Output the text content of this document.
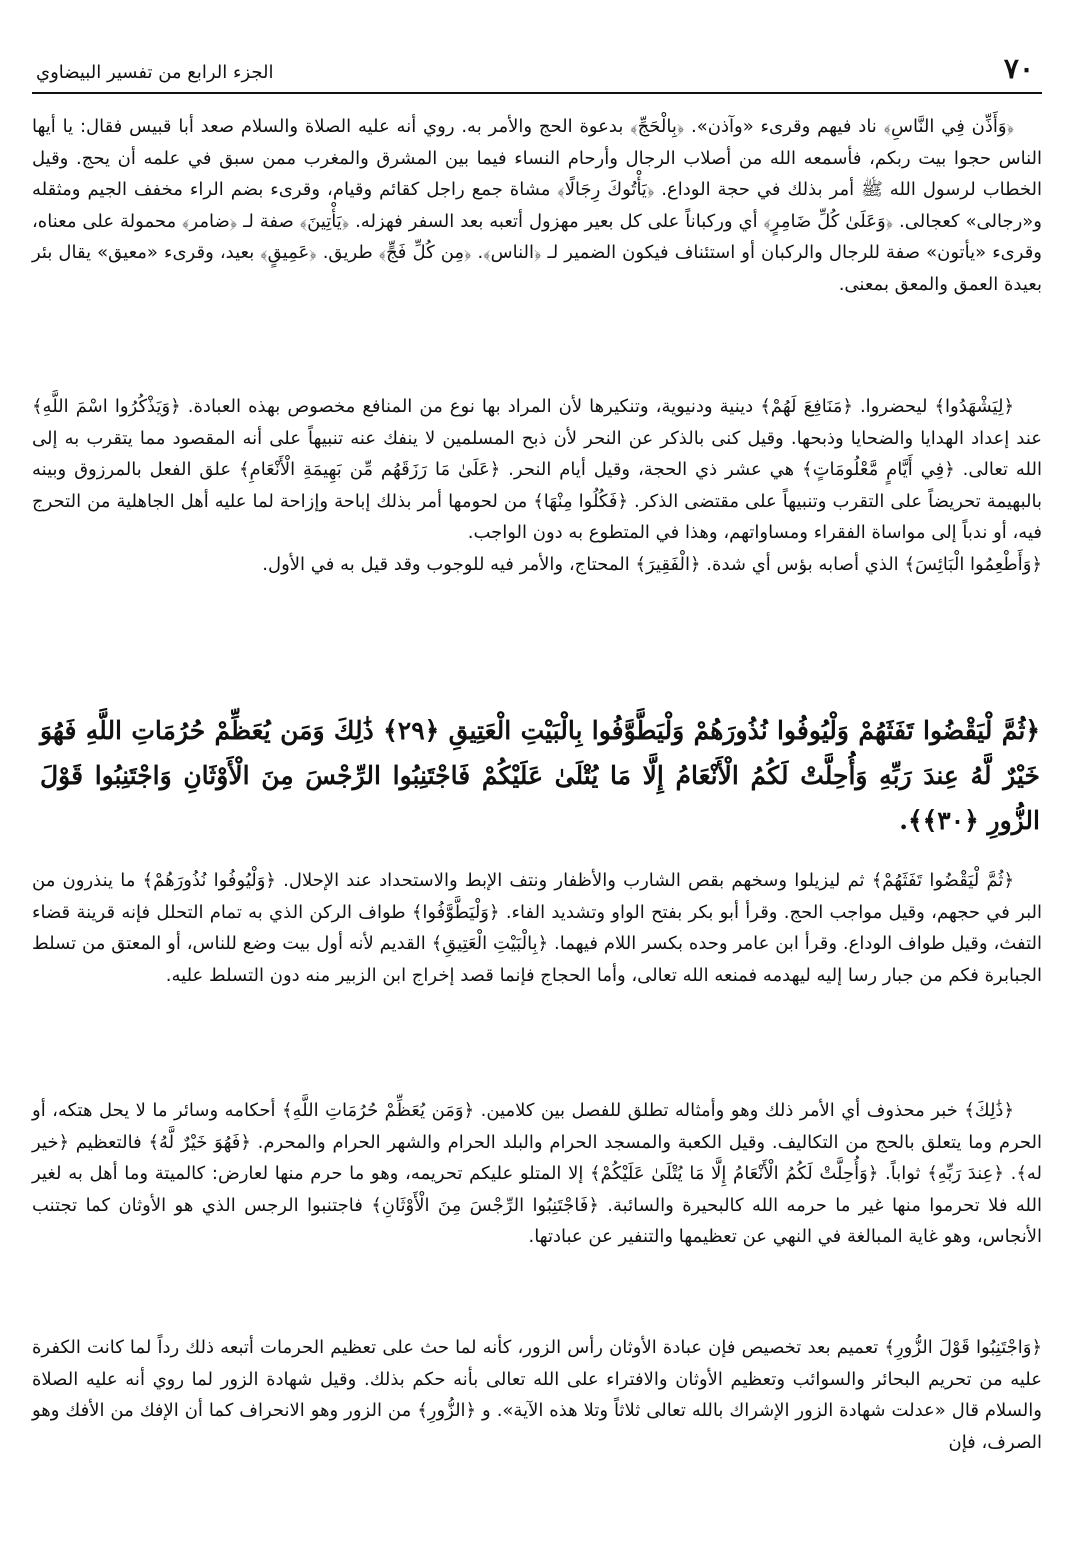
٧٠
الجزء الرابع من تفسير البيضاوي

﴿وَأَذِّن فِي النَّاسِ﴾ ناد فيهم وقرىء «وآذن». ﴿بِالْحَجِّ﴾ بدعوة الحج والأمر به. روي أنه عليه الصلاة والسلام صعد أبا قبيس فقال: يا أيها الناس حجوا بيت ربكم، فأسمعه الله من أصلاب الرجال وأرحام النساء فيما بين المشرق والمغرب ممن سبق في علمه أن يحج. وقيل الخطاب لرسول الله ﷺ أمر بذلك في حجة الوداع. ﴿يَأْتُوكَ رِجَالًا﴾ مشاة جمع راجل كقائم وقيام، وقرىء بضم الراء مخفف الجيم ومثقله و«رجالى» كعجالى. ﴿وَعَلَىٰ كُلِّ ضَامِرٍ﴾ أي وركباناً على كل بعير مهزول أتعبه بعد السفر فهزله. ﴿يَأْتِينَ﴾ صفة لـ ﴿ضامر﴾ محمولة على معناه، وقرىء «يأتون» صفة للرجال والركبان أو استئناف فيكون الضمير لـ ﴿الناس﴾. ﴿مِن كُلِّ فَجٍّ﴾ طريق. ﴿عَمِيقٍ﴾ بعيد، وقرىء «معيق» يقال بئر بعيدة العمق والمعق بمعنى.

﴿لِيَشْهَدُوا﴾ ليحضروا. ﴿مَنَافِعَ لَهُمْ﴾ دينية ودنيوية، وتنكيرها لأن المراد بها نوع من المنافع مخصوص بهذه العبادة. ﴿وَيَذْكُرُوا اسْمَ اللَّهِ﴾ عند إعداد الهدايا والضحايا وذبحها. وقيل كنى بالذكر عن النحر لأن ذبح المسلمين لا ينفك عنه تنبيهاً على أنه المقصود مما يتقرب به إلى الله تعالى. ﴿فِي أَيَّامٍ مَّعْلُومَاتٍ﴾ هي عشر ذي الحجة، وقيل أيام النحر. ﴿عَلَىٰ مَا رَزَقَهُم مِّن بَهِيمَةِ الْأَنْعَامِ﴾ علق الفعل بالمرزوق وبينه بالبهيمة تحريضاً على التقرب وتنبيهاً على مقتضى الذكر. ﴿فَكُلُوا مِنْهَا﴾ من لحومها أمر بذلك إباحة وإزاحة لما عليه أهل الجاهلية من التحرج فيه، أو ندباً إلى مواساة الفقراء ومساواتهم، وهذا في المتطوع به دون الواجب.

﴿وَأَطْعِمُوا الْبَائِسَ﴾ الذي أصابه بؤس أي شدة. ﴿الْفَقِيرَ﴾ المحتاج، والأمر فيه للوجوب وقد قيل به في الأول.

﴿ثُمَّ لْيَقْضُوا تَفَثَهُمْ وَلْيُوفُوا نُذُورَهُمْ وَلْيَطَّوَّفُوا بِالْبَيْتِ الْعَتِيقِ ﴿٢٩﴾ ذَٰلِكَ وَمَن يُعَظِّمْ حُرُمَاتِ اللَّهِ فَهُوَ خَيْرٌ لَّهُ عِندَ رَبِّهِ وَأُحِلَّتْ لَكُمُ الْأَنْعَامُ إِلَّا مَا يُتْلَىٰ عَلَيْكُمْ فَاجْتَنِبُوا الرِّجْسَ مِنَ الْأَوْثَانِ وَاجْتَنِبُوا قَوْلَ الزُّورِ ﴿٣٠﴾﴾.

﴿ثُمَّ لْيَقْضُوا تَفَثَهُمْ﴾ ثم ليزيلوا وسخهم بقص الشارب والأظفار ونتف الإبط والاستحداد عند الإحلال. ﴿وَلْيُوفُوا نُذُورَهُمْ﴾ ما ينذرون من البر في حجهم، وقيل مواجب الحج. وقرأ أبو بكر بفتح الواو وتشديد الفاء. ﴿وَلْيَطَّوَّفُوا﴾ طواف الركن الذي به تمام التحلل فإنه قرينة قضاء التفث، وقيل طواف الوداع. وقرأ ابن عامر وحده بكسر اللام فيهما. ﴿بِالْبَيْتِ الْعَتِيقِ﴾ القديم لأنه أول بيت وضع للناس، أو المعتق من تسلط الجبابرة فكم من جبار رسا إليه ليهدمه فمنعه الله تعالى، وأما الحجاج فإنما قصد إخراج ابن الزبير منه دون التسلط عليه.

﴿ذَٰلِكَ﴾ خبر محذوف أي الأمر ذلك وهو وأمثاله تطلق للفصل بين كلامين. ﴿وَمَن يُعَظِّمْ حُرُمَاتِ اللَّهِ﴾ أحكامه وسائر ما لا يحل هتكه، أو الحرم وما يتعلق بالحج من التكاليف. وقيل الكعبة والمسجد الحرام والبلد الحرام والشهر الحرام والمحرم. ﴿فَهُوَ خَيْرٌ لَّهُ﴾ فالتعظيم ﴿خير له﴾. ﴿عِندَ رَبِّهِ﴾ ثواباً. ﴿وَأُحِلَّتْ لَكُمُ الْأَنْعَامُ إِلَّا مَا يُتْلَىٰ عَلَيْكُمْ﴾ إلا المتلو عليكم تحريمه، وهو ما حرم منها لعارض: كالميتة وما أهل به لغير الله فلا تحرموا منها غير ما حرمه الله كالبحيرة والسائبة. ﴿فَاجْتَنِبُوا الرِّجْسَ مِنَ الْأَوْثَانِ﴾ فاجتنبوا الرجس الذي هو الأوثان كما تجتنب الأنجاس، وهو غاية المبالغة في النهي عن تعظيمها والتنفير عن عبادتها.

﴿وَاجْتَنِبُوا قَوْلَ الزُّورِ﴾ تعميم بعد تخصيص فإن عبادة الأوثان رأس الزور، كأنه لما حث على تعظيم الحرمات أتبعه ذلك رداً لما كانت الكفرة عليه من تحريم البحائر والسوائب وتعظيم الأوثان والافتراء على الله تعالى بأنه حكم بذلك. وقيل شهادة الزور لما روي أنه عليه الصلاة والسلام قال «عدلت شهادة الزور الإشراك بالله تعالى ثلاثاً وتلا هذه الآية». و ﴿الزُّورِ﴾ من الزور وهو الانحراف كما أن الإفك من الأفك وهو الصرف، فإن
